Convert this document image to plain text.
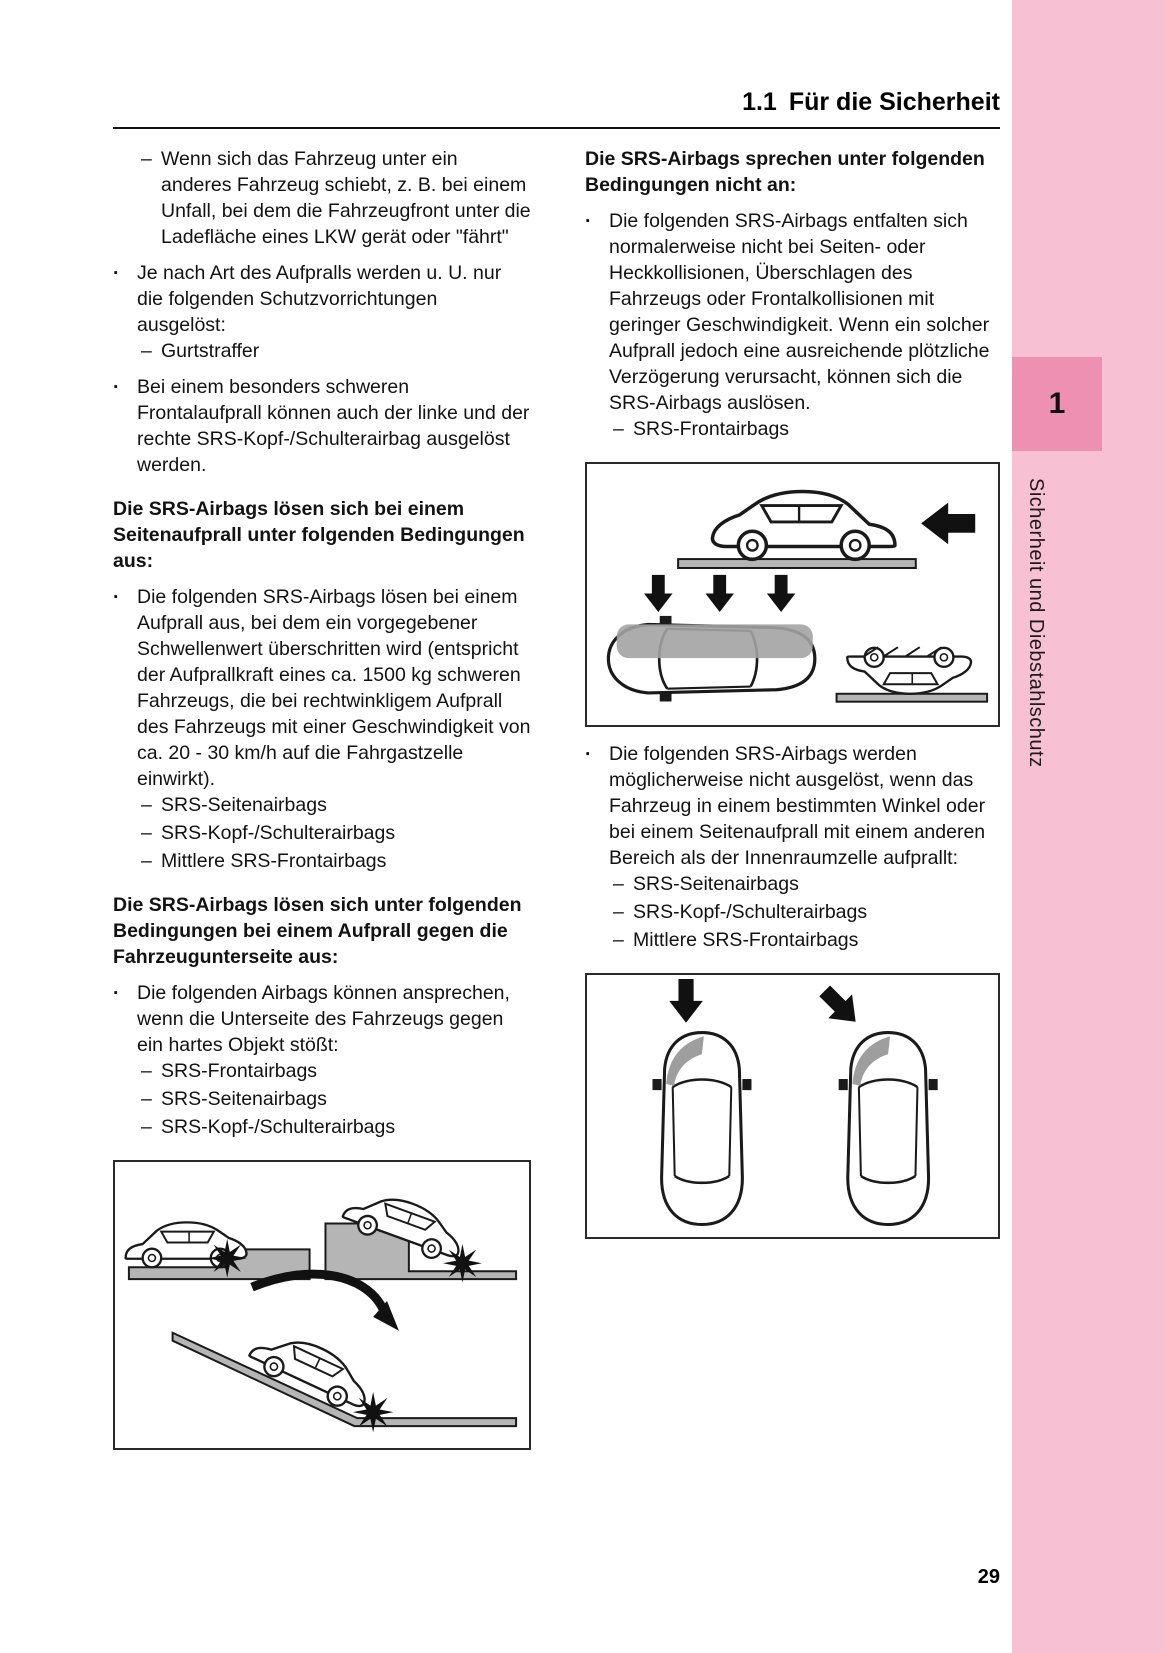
1
Sicherheit und Diebstahlschutz
1.1 Für die Sicherheit
– Wenn sich das Fahrzeug unter ein anderes Fahrzeug schiebt, z. B. bei einem Unfall, bei dem die Fahrzeugfront unter die Ladefläche eines LKW gerät oder "fährt"
· Je nach Art des Aufpralls werden u. U. nur die folgenden Schutzvorrichtungen ausgelöst:
– Gurtstraffer
· Bei einem besonders schweren Frontalaufprall können auch der linke und der rechte SRS-Kopf-/Schulterairbag ausgelöst werden.
Die SRS-Airbags lösen sich bei einem Seitenaufprall unter folgenden Bedingungen aus:
· Die folgenden SRS-Airbags lösen bei einem Aufprall aus, bei dem ein vorgegebener Schwellenwert überschritten wird (entspricht der Aufprallkraft eines ca. 1500 kg schweren Fahrzeugs, die bei rechtwinkligem Aufprall des Fahrzeugs mit einer Geschwindigkeit von ca. 20 - 30 km/h auf die Fahrgastzelle einwirkt).
– SRS-Seitenairbags
– SRS-Kopf-/Schulterairbags
– Mittlere SRS-Frontairbags
Die SRS-Airbags lösen sich unter folgenden Bedingungen bei einem Aufprall gegen die Fahrzeugunterseite aus:
· Die folgenden Airbags können ansprechen, wenn die Unterseite des Fahrzeugs gegen ein hartes Objekt stößt:
– SRS-Frontairbags
– SRS-Seitenairbags
– SRS-Kopf-/Schulterairbags
Die SRS-Airbags sprechen unter folgenden Bedingungen nicht an:
· Die folgenden SRS-Airbags entfalten sich normalerweise nicht bei Seiten- oder Heckkollisionen, Überschlagen des Fahrzeugs oder Frontalkollisionen mit geringer Geschwindigkeit. Wenn ein solcher Aufprall jedoch eine ausreichende plötzliche Verzögerung verursacht, können sich die SRS-Airbags auslösen.
– SRS-Frontairbags
· Die folgenden SRS-Airbags werden möglicherweise nicht ausgelöst, wenn das Fahrzeug in einem bestimmten Winkel oder bei einem Seitenaufprall mit einem anderen Bereich als der Innenraumzelle aufprallt:
– SRS-Seitenairbags
– SRS-Kopf-/Schulterairbags
– Mittlere SRS-Frontairbags
29
